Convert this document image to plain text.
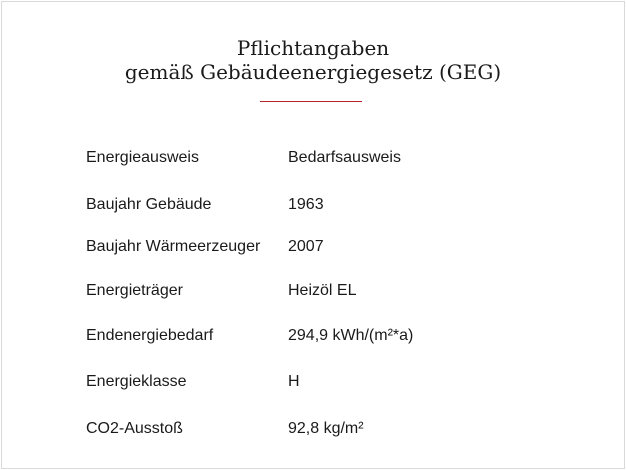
Pflichtangaben
gemäß Gebäudeenergiegesetz (GEG)
Energieausweis	Bedarfsausweis
Baujahr Gebäude	1963
Baujahr Wärmeerzeuger 2007
Energieträger	Heizöl EL
Endenergiebedarf	294,9 kWh/(m²*a)
Energieklasse	H
CO2-Ausstoß	92,8 kg/m²
